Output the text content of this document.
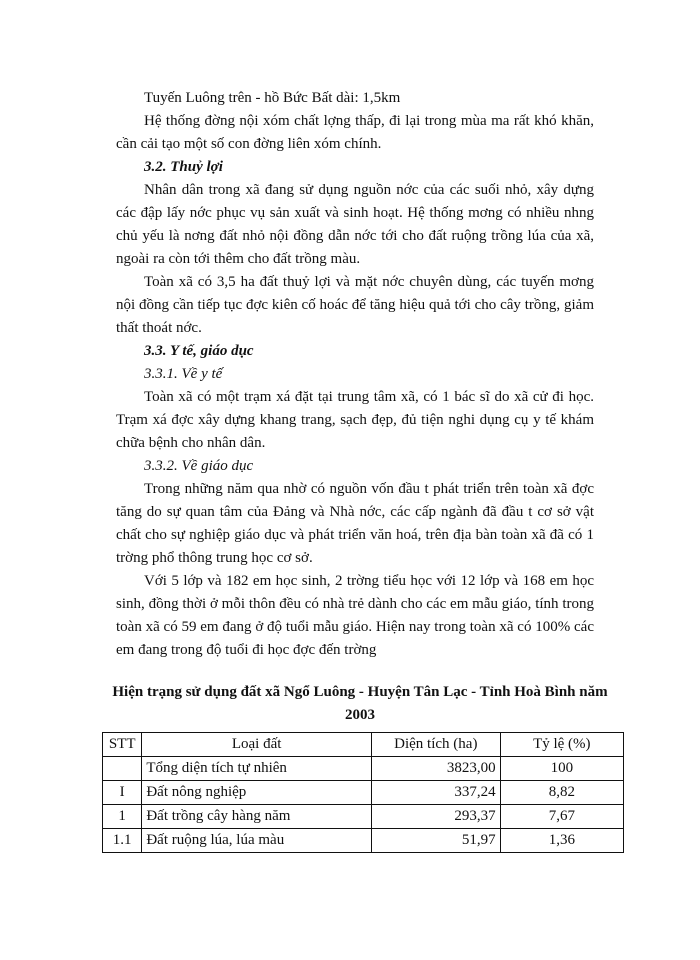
Tuyến Luông trên - hồ Bức Bất dài: 1,5km

Hệ thống đờng nội xóm chất lợng thấp, đi lại trong mùa ma rất khó khăn, cần cải tạo một số con đờng liên xóm chính.

3.2. Thuỷ lợi

Nhân dân trong xã đang sử dụng nguồn nớc của các suối nhỏ, xây dựng các đập lấy nớc phục vụ sản xuất và sinh hoạt. Hệ thống mơng có nhiều nhng chủ yếu là nơng đất nhỏ nội đồng dẫn nớc tới cho đất ruộng trồng lúa của xã, ngoài ra còn tới thêm cho đất trồng màu.

Toàn xã có 3,5 ha đất thuỷ lợi và mặt nớc chuyên dùng, các tuyến mơng nội đồng cần tiếp tục đợc kiên cố hoác để tăng hiệu quả tới cho cây trồng, giảm thất thoát nớc.

3.3. Y tế, giáo dục

3.3.1. Về y tế

Toàn xã có một trạm xá đặt tại trung tâm xã, có 1 bác sĩ do xã cử đi học. Trạm xá đợc xây dựng khang trang, sạch đẹp, đủ tiện nghi dụng cụ y tế khám chữa bệnh cho nhân dân.

3.3.2. Về giáo dục

Trong những năm qua nhờ có nguồn vốn đầu t phát triển trên toàn xã đợc tăng do sự quan tâm của Đảng và Nhà nớc, các cấp ngành đã đầu t cơ sở vật chất cho sự nghiệp giáo dục và phát triển văn hoá, trên địa bàn toàn xã đã có 1 trờng phổ thông trung học cơ sở.

Với 5 lớp và 182 em học sinh, 2 trờng tiểu học với 12 lớp và 168 em học sinh, đồng thời ở mỗi thôn đều có nhà trẻ dành cho các em mẫu giáo, tính trong toàn xã có 59 em đang ở độ tuổi mẫu giáo. Hiện nay trong toàn xã có 100% các em đang trong độ tuổi đi học đợc đến trờng

Hiện trạng sử dụng đất xã Ngổ Luông - Huyện Tân Lạc - Tỉnh Hoà Bình năm 2003

STT	Loại đất	Diện tích (ha)	Tỷ lệ (%)
	Tổng diện tích tự nhiên	3823,00	100
I	Đất nông nghiệp	337,24	8,82
1	Đất trồng cây hàng năm	293,37	7,67
1.1	Đất ruộng lúa, lúa màu	51,97	1,36
